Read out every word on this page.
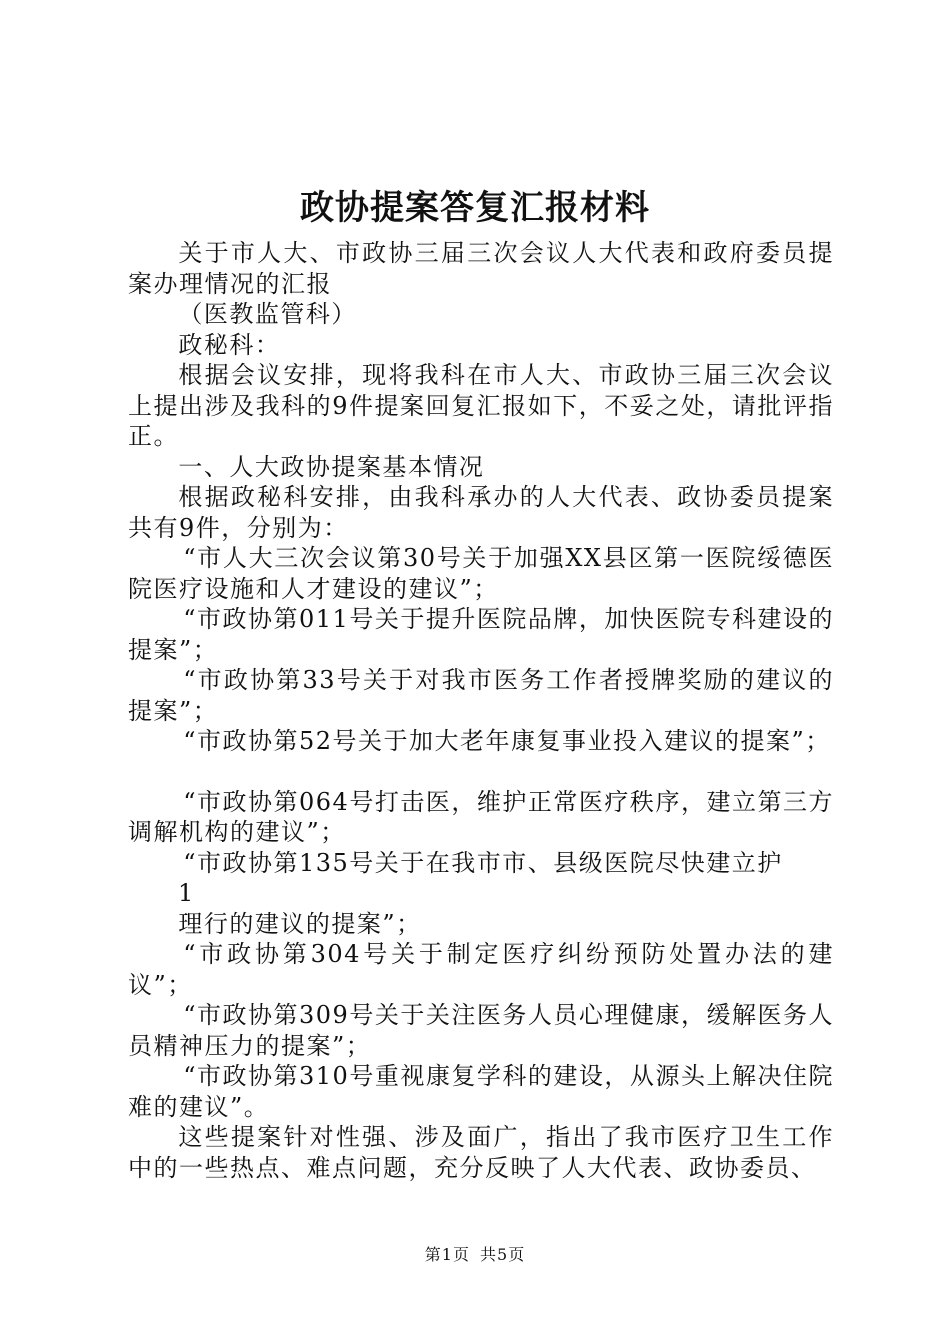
政协提案答复汇报材料

关于市人大、市政协三届三次会议人大代表和政府委员提案办理情况的汇报

（医教监管科）

政秘科：

根据会议安排，现将我科在市人大、市政协三届三次会议上提出涉及我科的9件提案回复汇报如下，不妥之处，请批评指正。

一、人大政协提案基本情况

根据政秘科安排，由我科承办的人大代表、政协委员提案共有9件，分别为：

“市人大三次会议第30号关于加强XX县区第一医院绥德医院医疗设施和人才建设的建议”；

“市政协第011号关于提升医院品牌，加快医院专科建设的提案”；

“市政协第33号关于对我市医务工作者授牌奖励的建议的提案”；

“市政协第52号关于加大老年康复事业投入建议的提案”；

“市政协第064号打击医，维护正常医疗秩序，建立第三方调解机构的建议”；

“市政协第135号关于在我市市、县级医院尽快建立护

1

理行的建议的提案”；

“市政协第304号关于制定医疗纠纷预防处置办法的建议”；

“市政协第309号关于关注医务人员心理健康，缓解医务人员精神压力的提案”；

“市政协第310号重视康复学科的建设，从源头上解决住院难的建议”。

这些提案针对性强、涉及面广，指出了我市医疗卫生工作中的一些热点、难点问题，充分反映了人大代表、政协委员、

第1页 共5页
